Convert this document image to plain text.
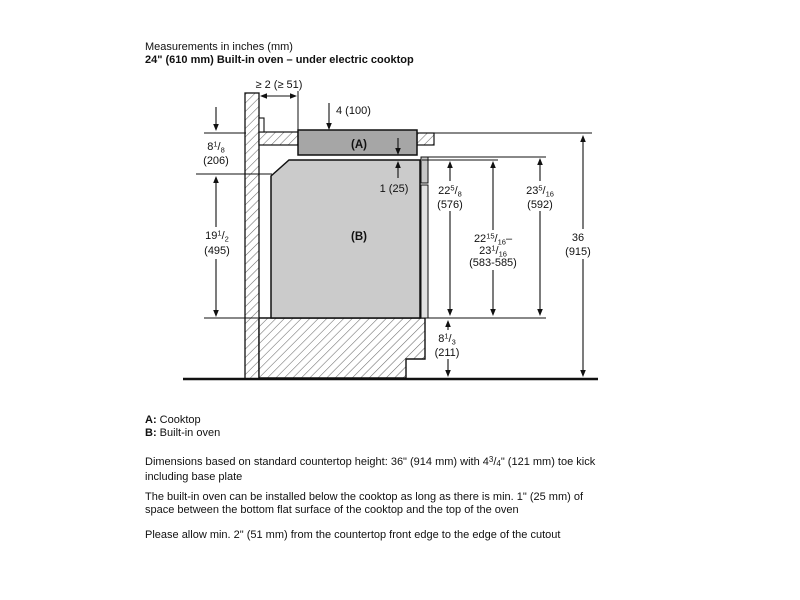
Measurements in inches (mm)
24" (610 mm) Built-in oven – under electric cooktop
(A)
(B)
≥ 2 (≥ 51)
4 (100)
$8^1/_8$
(206)
$19^1/_2$
(495)
1 (25)	$22^5/_8$
(576)
$22^{15}/_{16}-$
$23^1/_{16}$
(583-585)
$23^5/_{16}$
(592)
36
(915)
$8^1/_3$
(211)
A: Cooktop
B: Built-in oven
Dimensions based on standard countertop height: 36" (914 mm) with $4^3/4$" (121 mm) toe kick
including base plate
The built-in oven can be installed below the cooktop as long as there is min. 1" (25 mm) of
space between the bottom flat surface of the cooktop and the top of the oven
Please allow min. 2" (51 mm) from the countertop front edge to the edge of the cutout
